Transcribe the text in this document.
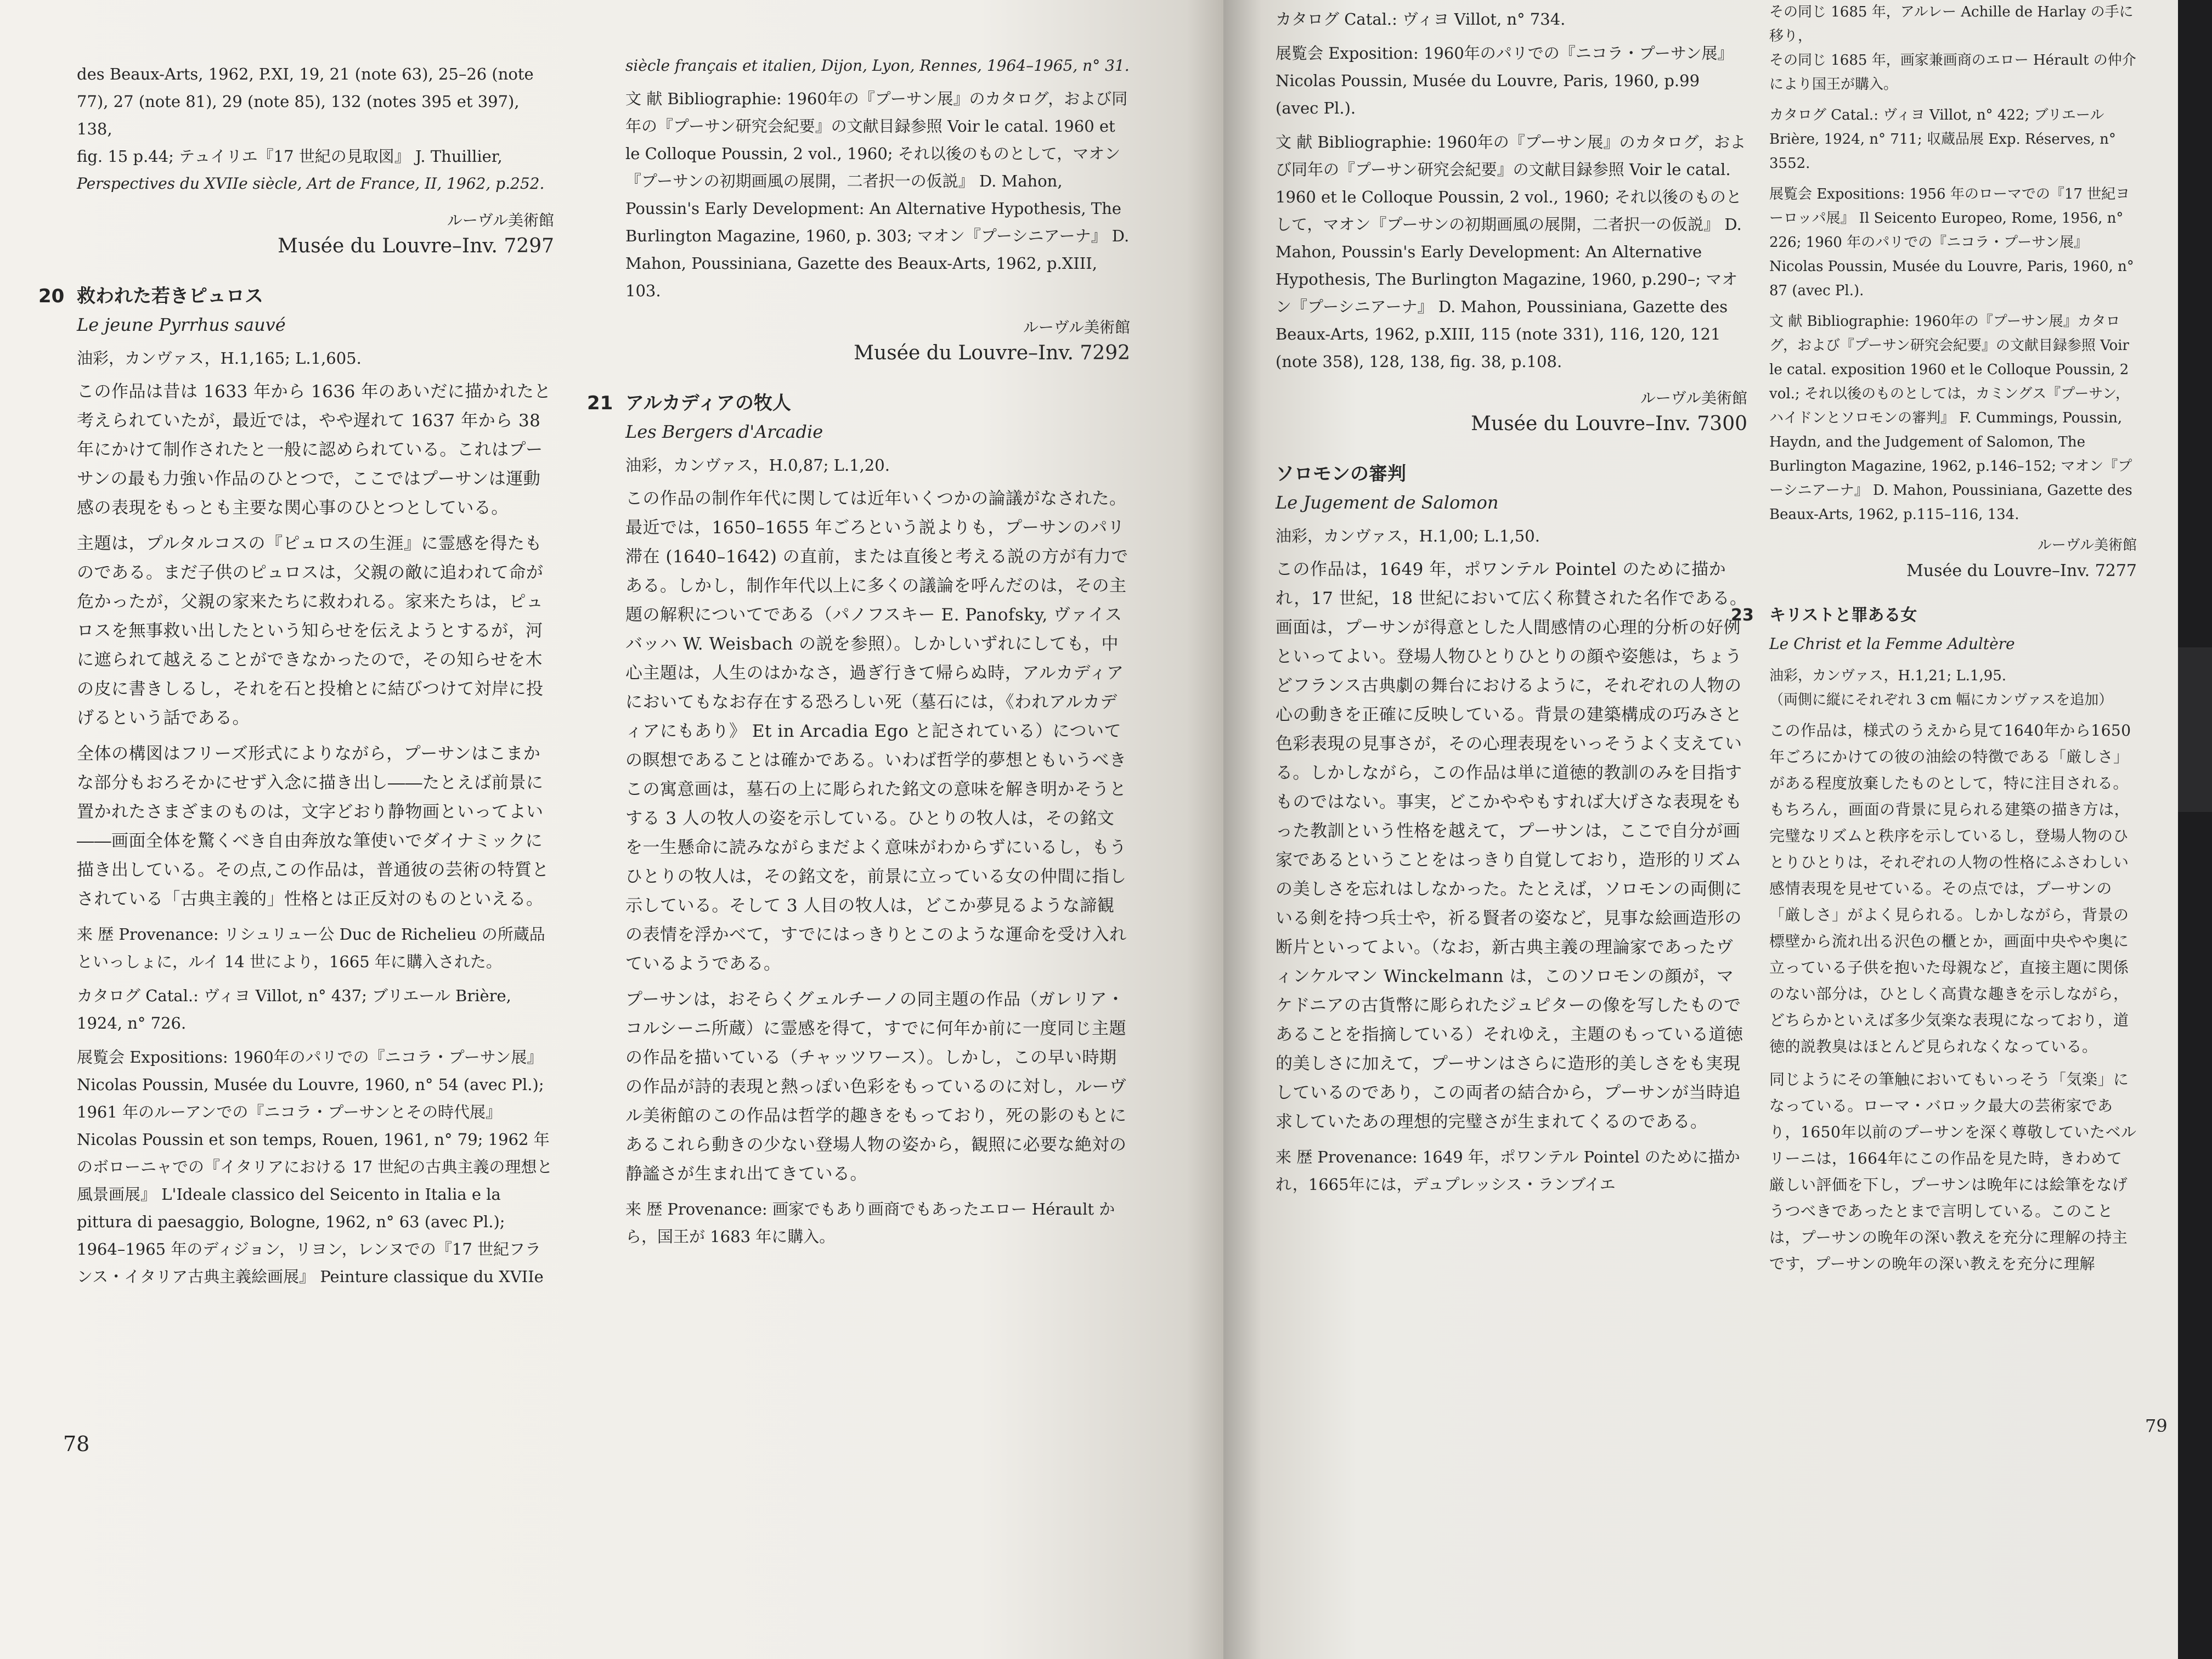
des Beaux-Arts, 1962, P.XI, 19, 21 (note 63), 25–26 (note
77), 27 (note 81), 29 (note 85), 132 (notes 395 et 397), 138,
fig. 15 p.44; テュイリエ『17 世紀の見取図』 J. Thuillier,
Perspectives du XVIIe siècle, Art de France, II, 1962, p.252.
ルーヴル美術館
Musée du Louvre–Inv. 7297
20 救われた若きピュロス
Le jeune Pyrrhus sauvé
油彩，カンヴァス，H.1,165; L.1,605.

この作品は昔は 1633 年から 1636 年のあいだに描かれたと考えられていたが，最近では，やや遅れて 1637 年から 38 年にかけて制作されたと一般に認められている。これはプーサンの最も力強い作品のひとつで，ここではプーサンは運動感の表現をもっとも主要な関心事のひとつとしている。

主題は，プルタルコスの『ピュロスの生涯』に霊感を得たものである。まだ子供のピュロスは，父親の敵に追われて命が危かったが，父親の家来たちに救われる。家来たちは，ピュロスを無事救い出したという知らせを伝えようとするが，河に遮られて越えることができなかったので，その知らせを木の皮に書きしるし，それを石と投槍とに結びつけて対岸に投げるという話である。

全体の構図はフリーズ形式によりながら，プーサンはこまかな部分もおろそかにせず入念に描き出し――たとえば前景に置かれたさまざまのものは，文字どおり静物画といってよい――画面全体を驚くべき自由奔放な筆使いでダイナミックに描き出している。その点,この作品は，普通彼の芸術の特質とされている「古典主義的」性格とは正反対のものといえる。

来 歴 Provenance: リシュリュー公 Duc de Richelieu の所蔵品といっしょに，ルイ 14 世により，1665 年に購入された。
カタログ Catal.: ヴィヨ Villot, n° 437; ブリエール Brière, 1924, n° 726.
展覧会 Expositions: 1960年のパリでの『ニコラ・プーサン展』 Nicolas Poussin, Musée du Louvre, 1960, n° 54 (avec Pl.); 1961 年のルーアンでの『ニコラ・プーサンとその時代展』 Nicolas Poussin et son temps, Rouen, 1961, n° 79; 1962 年のボローニャでの『イタリアにおける 17 世紀の古典主義の理想と風景画展』 L'Ideale classico del Seicento in Italia e la pittura di paesaggio, Bologne, 1962, n° 63 (avec Pl.); 1964–1965 年のディジョン，リヨン，レンヌでの『17 世紀フランス・イタリア古典主義絵画展』 Peinture classique du XVIIe
siècle français et italien, Dijon, Lyon, Rennes, 1964–1965, n° 31.
文 献 Bibliographie: 1960年の『プーサン展』のカタログ，および同年の『プーサン研究会紀要』の文献目録参照 Voir le catal. 1960 et le Colloque Poussin, 2 vol., 1960; それ以後のものとして，マオン『プーサンの初期画風の展開，二者択一の仮説』 D. Mahon, Poussin's Early Development: An Alternative Hypothesis, The Burlington Magazine, 1960, p. 303; マオン『プーシニアーナ』 D. Mahon, Poussiniana, Gazette des Beaux-Arts, 1962, p.XIII, 103.
ルーヴル美術館
Musée du Louvre–Inv. 7292
21 アルカディアの牧人
Les Bergers d'Arcadie
油彩，カンヴァス，H.0,87; L.1,20.

この作品の制作年代に関しては近年いくつかの論議がなされた。最近では，1650–1655 年ごろという説よりも，プーサンのパリ滞在 (1640–1642) の直前，または直後と考える説の方が有力である。しかし，制作年代以上に多くの議論を呼んだのは，その主題の解釈についてである（パノフスキー E. Panofsky, ヴァイスバッハ W. Weisbach の説を参照）。しかしいずれにしても，中心主題は，人生のはかなさ，過ぎ行きて帰らぬ時，アルカディアにおいてもなお存在する恐ろしい死（墓石には，《われアルカディアにもあり》 Et in Arcadia Ego と記されている）についての瞑想であることは確かである。いわば哲学的夢想ともいうべきこの寓意画は，墓石の上に彫られた銘文の意味を解き明かそうとする 3 人の牧人の姿を示している。ひとりの牧人は，その銘文を一生懸命に読みながらまだよく意味がわからずにいるし，もうひとりの牧人は，その銘文を，前景に立っている女の仲間に指し示している。そして 3 人目の牧人は，どこか夢見るような諦観の表情を浮かべて，すでにはっきりとこのような運命を受け入れているようである。

プーサンは，おそらくグェルチーノの同主題の作品（ガレリア・コルシーニ所蔵）に霊感を得て，すでに何年か前に一度同じ主題の作品を描いている（チャッツワース）。しかし，この早い時期の作品が詩的表現と熱っぽい色彩をもっているのに対し，ルーヴル美術館のこの作品は哲学的趣きをもっており，死の影のもとにあるこれら動きの少ない登場人物の姿から，観照に必要な絶対の静謐さが生まれ出てきている。

来 歴 Provenance: 画家でもあり画商でもあったエロー Hérault から，国王が 1683 年に購入。
78
カタログ Catal.: ヴィヨ Villot, n° 734.
展覧会 Exposition: 1960年のパリでの『ニコラ・プーサン展』 Nicolas Poussin, Musée du Louvre, Paris, 1960, p.99 (avec Pl.).
文 献 Bibliographie: 1960年の『プーサン展』のカタログ，および同年の『プーサン研究会紀要』の文献目録参照 Voir le catal. 1960 et le Colloque Poussin, 2 vol., 1960; それ以後のものとして，マオン『プーサンの初期画風の展開，二者択一の仮説』 D. Mahon, Poussin's Early Development: An Alternative Hypothesis, The Burlington Magazine, 1960, p.290–; マオン『プーシニアーナ』 D. Mahon, Poussiniana, Gazette des Beaux-Arts, 1962, p.XIII, 115 (note 331), 116, 120, 121 (note 358), 128, 138, fig. 38, p.108.
ルーヴル美術館
Musée du Louvre–Inv. 7300
ソロモンの審判
Le Jugement de Salomon
油彩，カンヴァス，H.1,00; L.1,50.

この作品は，1649 年，ポワンテル Pointel のために描かれ，17 世紀，18 世紀において広く称賛された名作である。画面は，プーサンが得意とした人間感情の心理的分析の好例といってよい。登場人物ひとりひとりの顔や姿態は，ちょうどフランス古典劇の舞台におけるように，それぞれの人物の心の動きを正確に反映している。背景の建築構成の巧みさと色彩表現の見事さが，その心理表現をいっそうよく支えている。しかしながら，この作品は単に道徳的教訓のみを目指すものではない。事実，どこかややもすれば大げさな表現をもった教訓という性格を越えて，プーサンは，ここで自分が画家であるということをはっきり自覚しており，造形的リズムの美しさを忘れはしなかった。たとえば，ソロモンの両側にいる剣を持つ兵士や，祈る賢者の姿など，見事な絵画造形の断片といってよい。（なお，新古典主義の理論家であったヴィンケルマン Winckelmann は，このソロモンの顔が，マケドニアの古貨幣に彫られたジュピターの像を写したものであることを指摘している）それゆえ，主題のもっている道徳的美しさに加えて，プーサンはさらに造形的美しさをも実現しているのであり，この両者の結合から，プーサンが当時追求していたあの理想的完璧さが生まれてくるのである。

来 歴 Provenance: 1649 年，ポワンテル Pointel のために描かれ，1665年には，デュプレッシス・ランブイエ
その同じ 1685 年，アルレー Achille de Harlay の手に移り，
その同じ 1685 年，画家兼画商のエロー Hérault の仲介により国王が購入。
カタログ Catal.: ヴィヨ Villot, n° 422; ブリエール Brière, 1924, n° 711; 収蔵品展 Exp. Réserves, n° 3552.
展覧会 Expositions: 1956 年のローマでの『17 世紀ヨーロッパ展』 Il Seicento Europeo, Rome, 1956, n° 226; 1960 年のパリでの『ニコラ・プーサン展』 Nicolas Poussin, Musée du Louvre, Paris, 1960, n° 87 (avec Pl.).
文 献 Bibliographie: 1960年の『プーサン展』カタログ，および『プーサン研究会紀要』の文献目録参照 Voir le catal. exposition 1960 et le Colloque Poussin, 2 vol.; それ以後のものとしては，カミングス『プーサン，ハイドンとソロモンの審判』 F. Cummings, Poussin, Haydn, and the Judgement of Salomon, The Burlington Magazine, 1962, p.146–152; マオン『プーシニアーナ』 D. Mahon, Poussiniana, Gazette des Beaux-Arts, 1962, p.115–116, 134.
ルーヴル美術館
Musée du Louvre–Inv. 7277
23 キリストと罪ある女
Le Christ et la Femme Adultère
油彩，カンヴァス，H.1,21; L.1,95.
（両側に縦にそれぞれ 3 cm 幅にカンヴァスを追加）

この作品は，様式のうえから見て1640年から1650年ごろにかけての彼の油絵の特徴である「厳しさ」がある程度放棄したものとして，特に注目される。もちろん，画面の背景に見られる建築の描き方は，完璧なリズムと秩序を示しているし，登場人物のひとりひとりは，それぞれの人物の性格にふさわしい感情表現を見せている。その点では，プーサンの「厳しさ」がよく見られる。しかしながら，背景の標壁から流れ出る沢色の櫃とか，画面中央やや奥に立っている子供を抱いた母親など，直接主題に関係のない部分は，ひとしく高貴な趣きを示しながら，どちらかといえば多少気楽な表現になっており，道徳的説教臭はほとんど見られなくなっている。

同じようにその筆触においてもいっそう「気楽」になっている。ローマ・バロック最大の芸術家であり，1650年以前のプーサンを深く尊敬していたベルリーニは，1664年にこの作品を見た時，きわめて厳しい評価を下し，プーサンは晩年には絵筆をなげうつべきであったとまで言明している。このことは，プーサンの晩年の深い教えを充分に理解の持主です，プーサンの晩年の深い教えを充分に理解

79
